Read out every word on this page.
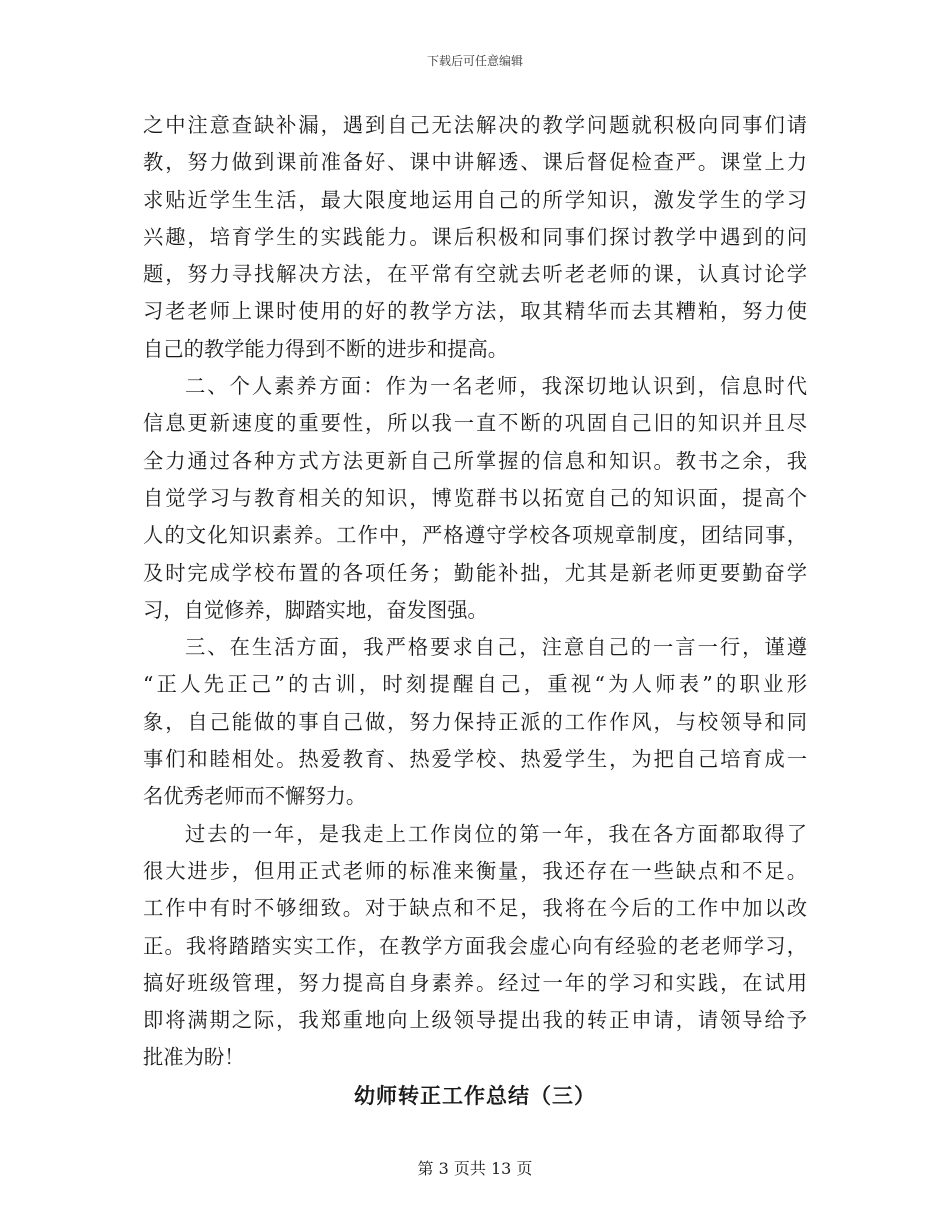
下载后可任意编辑
之中注意查缺补漏，遇到自己无法解决的教学问题就积极向同事们请
教，努力做到课前准备好、课中讲解透、课后督促检查严。课堂上力
求贴近学生生活，最大限度地运用自己的所学知识，激发学生的学习
兴趣，培育学生的实践能力。课后积极和同事们探讨教学中遇到的问
题，努力寻找解决方法，在平常有空就去听老老师的课，认真讨论学
习老老师上课时使用的好的教学方法，取其精华而去其糟粕，努力使
自己的教学能力得到不断的进步和提高。
二、个人素养方面：作为一名老师，我深切地认识到，信息时代
信息更新速度的重要性，所以我一直不断的巩固自己旧的知识并且尽
全力通过各种方式方法更新自己所掌握的信息和知识。教书之余，我
自觉学习与教育相关的知识，博览群书以拓宽自己的知识面，提高个
人的文化知识素养。工作中，严格遵守学校各项规章制度，团结同事，
及时完成学校布置的各项任务；勤能补拙，尤其是新老师更要勤奋学
习，自觉修养，脚踏实地，奋发图强。
三、在生活方面，我严格要求自己，注意自己的一言一行，谨遵
“正人先正己”的古训，时刻提醒自己，重视“为人师表”的职业形
象，自己能做的事自己做，努力保持正派的工作作风，与校领导和同
事们和睦相处。热爱教育、热爱学校、热爱学生，为把自己培育成一
名优秀老师而不懈努力。
过去的一年，是我走上工作岗位的第一年，我在各方面都取得了
很大进步，但用正式老师的标准来衡量，我还存在一些缺点和不足。
工作中有时不够细致。对于缺点和不足，我将在今后的工作中加以改
正。我将踏踏实实工作，在教学方面我会虚心向有经验的老老师学习，
搞好班级管理，努力提高自身素养。经过一年的学习和实践，在试用
即将满期之际，我郑重地向上级领导提出我的转正申请，请领导给予
批准为盼！
幼师转正工作总结（三）
第 3 页共 13 页
